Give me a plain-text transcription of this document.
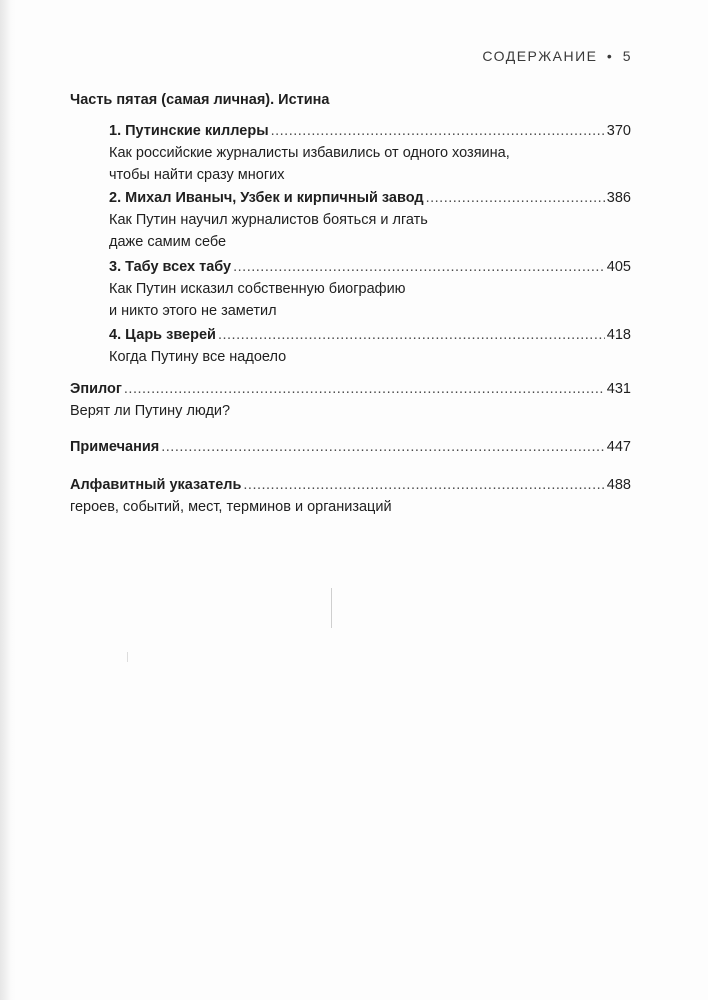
СОДЕРЖАНИЕ • 5
Часть пятая (самая личная). Истина
1. Путинские киллеры .....	370
Как российские журналисты избавились от одного хозяина,
чтобы найти сразу многих
2. Михал Иваныч, Узбек и кирпичный завод .....	386
Как Путин научил журналистов бояться и лгать
даже самим себе
3. Табу всех табу .....	405
Как Путин исказил собственную биографию
и никто этого не заметил
4. Царь зверей .....	418
Когда Путину все надоело
Эпилог .....	431
Верят ли Путину люди?
Примечания .....	447
Алфавитный указатель .....	488
героев, событий, мест, терминов и организаций
